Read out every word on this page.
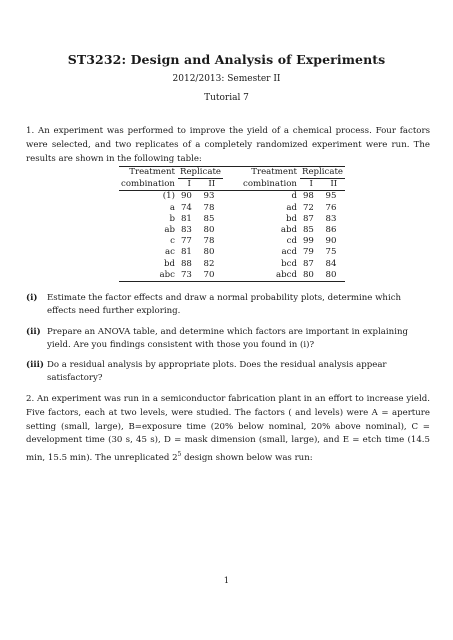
ST3232: Design and Analysis of Experiments
2012/2013: Semester II
Tutorial 7
1. An experiment was performed to improve the yield of a chemical process. Four factors were selected, and two replicates of a completely randomized experiment were run. The results are shown in the following table:
Treatment	Replicate			Treatment	Replicate	
combination	I	II		combination	I	II
(1)	90	93		d	98	95
a	74	78		ad	72	76
b	81	85		bd	87	83
ab	83	80		abd	85	86
c	77	78		cd	99	90
ac	81	80		acd	79	75
bd	88	82		bcd	87	84
abc	73	70		abcd	80	80
(i)	Estimate the factor effects and draw a normal probability plots, determine which effects need further exploring.
(ii) Prepare an ANOVA table, and determine which factors are important in explaining yield. Are you findings consistent with those you found in (i)?
(iii) Do a residual analysis by appropriate plots. Does the residual analysis appear satisfactory?
2. An experiment was run in a semiconductor fabrication plant in an effort to increase yield. Five factors, each at two levels, were studied. The factors ( and levels) were A = aperture setting (small, large), B=exposure time (20% below nominal, 20% above nominal), C = development time (30 s, 45 s), D = mask dimension (small, large), and E = etch time (14.5 min, 15.5 min). The unreplicated $2^5$ design shown below was run:
1
